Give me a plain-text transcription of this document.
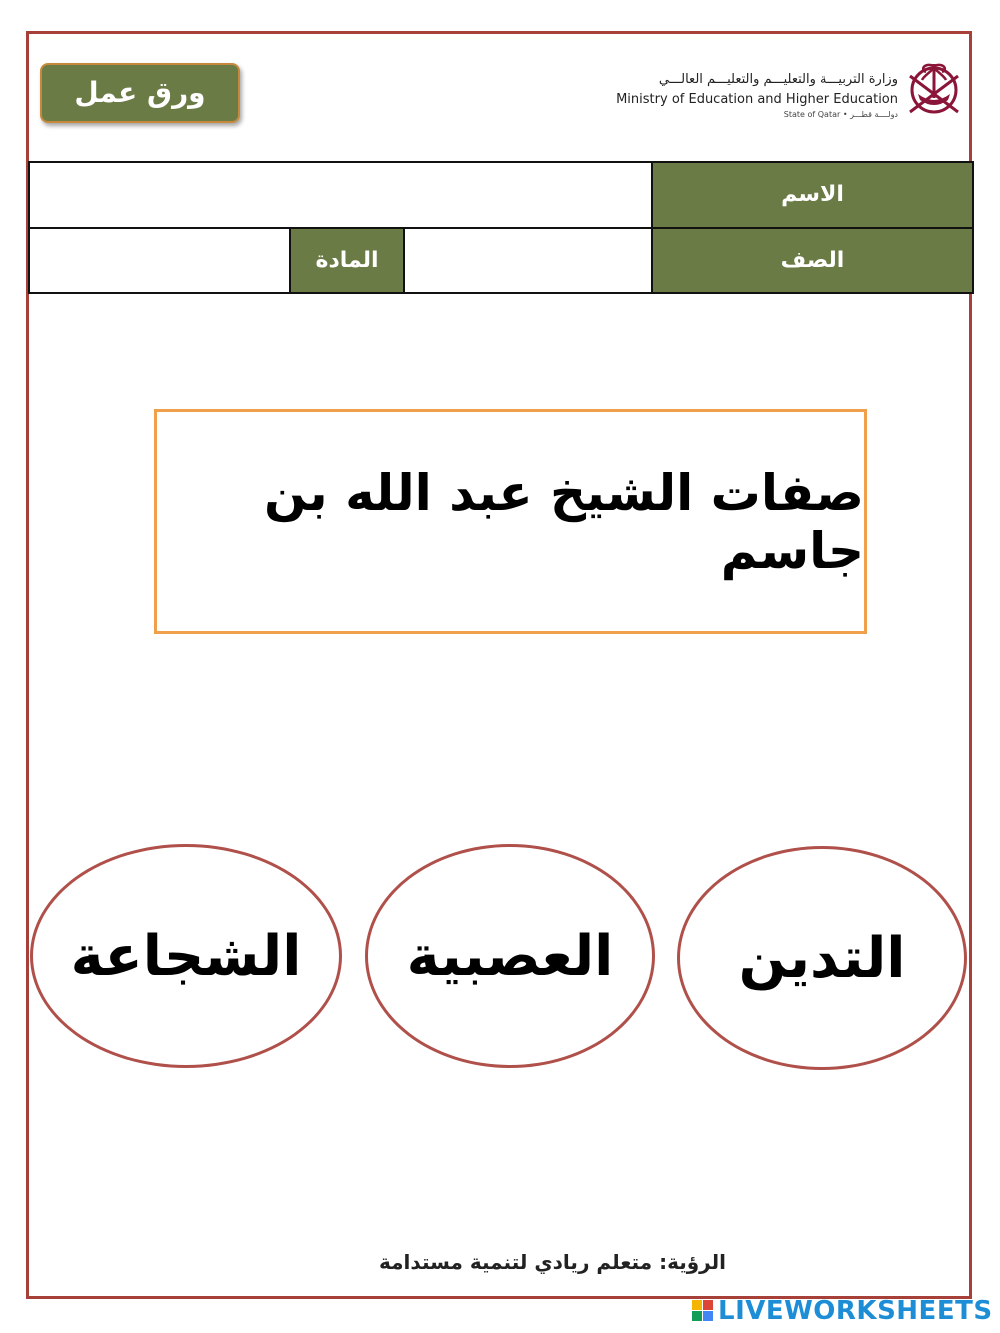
ورق عمل	وزارة التربيـــة والتعليـــم والتعليـــم العالـــي
Ministry of Education and Higher Education
State of Qatar • دولــــة قطـــر
الاسم
المادة	الصف
صفات الشيخ عبد الله بن جاسم
التدين
العصبية
الشجاعة
الرؤية: متعلم ريادي لتنمية مستدامة
LIVEWORKSHEETS
